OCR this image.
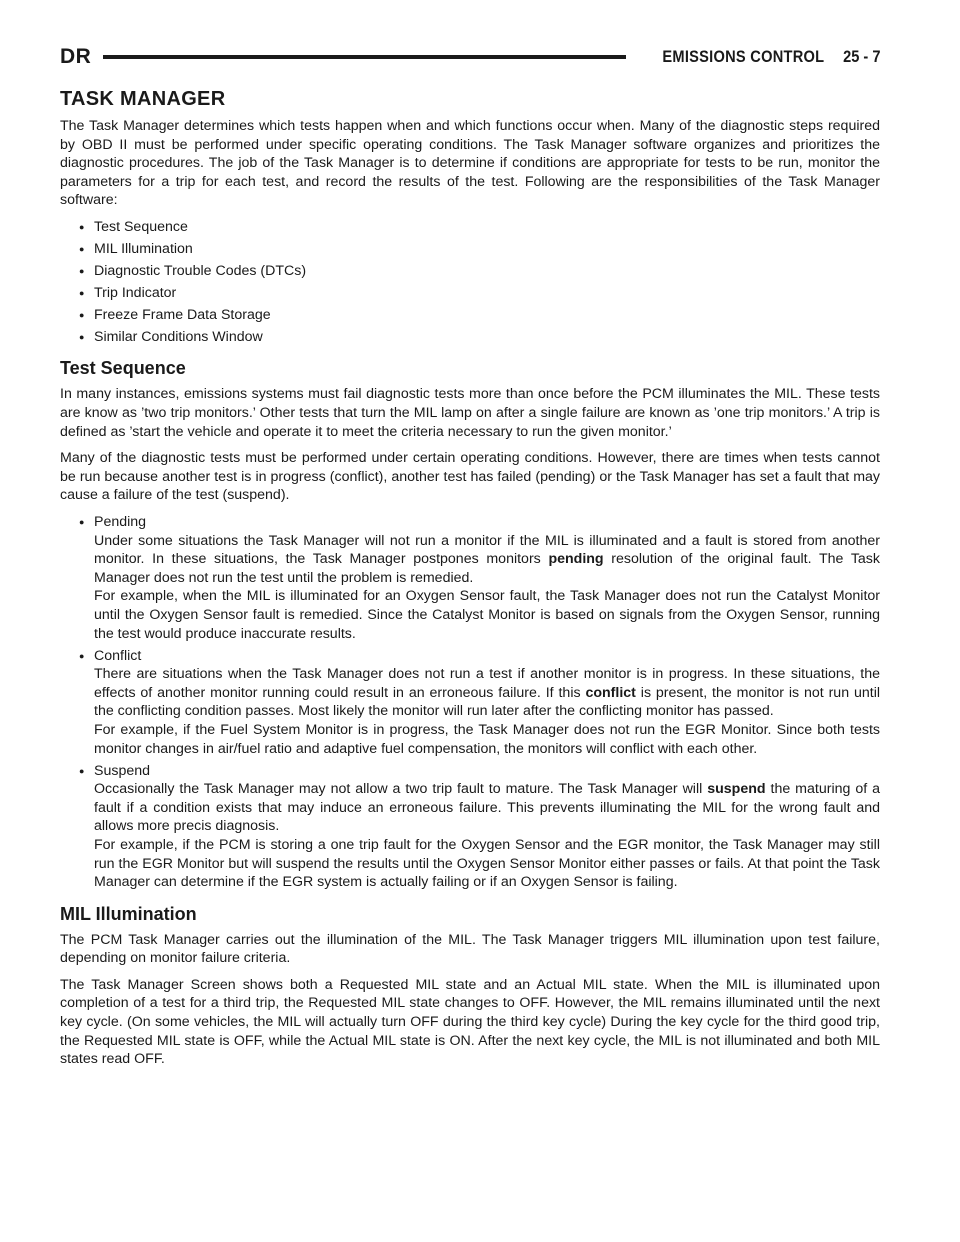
DR	EMISSIONS CONTROL 25 - 7
TASK MANAGER

The Task Manager determines which tests happen when and which functions occur when. Many of the diagnostic steps required by OBD II must be performed under specific operating conditions. The Task Manager software organizes and prioritizes the diagnostic procedures. The job of the Task Manager is to determine if conditions are appropriate for tests to be run, monitor the parameters for a trip for each test, and record the results of the test. Following are the responsibilities of the Task Manager software:

● Test Sequence
● MIL Illumination
● Diagnostic Trouble Codes (DTCs)
● Trip Indicator
● Freeze Frame Data Storage
● Similar Conditions Window
Test Sequence

In many instances, emissions systems must fail diagnostic tests more than once before the PCM illuminates the MIL. These tests are know as ’two trip monitors.’ Other tests that turn the MIL lamp on after a single failure are known as ’one trip monitors.’ A trip is defined as ’start the vehicle and operate it to meet the criteria necessary to run the given monitor.’

Many of the diagnostic tests must be performed under certain operating conditions. However, there are times when tests cannot be run because another test is in progress (conflict), another test has failed (pending) or the Task Manager has set a fault that may cause a failure of the test (suspend).

● Pending
Under some situations the Task Manager will not run a monitor if the MIL is illuminated and a fault is stored from another monitor. In these situations, the Task Manager postpones monitors pending resolution of the original fault. The Task Manager does not run the test until the problem is remedied.
For example, when the MIL is illuminated for an Oxygen Sensor fault, the Task Manager does not run the Catalyst Monitor until the Oxygen Sensor fault is remedied. Since the Catalyst Monitor is based on signals from the Oxygen Sensor, running the test would produce inaccurate results.
● Conflict
There are situations when the Task Manager does not run a test if another monitor is in progress. In these situations, the effects of another monitor running could result in an erroneous failure. If this conflict is present, the monitor is not run until the conflicting condition passes. Most likely the monitor will run later after the conflicting monitor has passed.
For example, if the Fuel System Monitor is in progress, the Task Manager does not run the EGR Monitor. Since both tests monitor changes in air/fuel ratio and adaptive fuel compensation, the monitors will conflict with each other.
● Suspend
Occasionally the Task Manager may not allow a two trip fault to mature. The Task Manager will suspend the maturing of a fault if a condition exists that may induce an erroneous failure. This prevents illuminating the MIL for the wrong fault and allows more precis diagnosis.
For example, if the PCM is storing a one trip fault for the Oxygen Sensor and the EGR monitor, the Task Manager may still run the EGR Monitor but will suspend the results until the Oxygen Sensor Monitor either passes or fails. At that point the Task Manager can determine if the EGR system is actually failing or if an Oxygen Sensor is failing.
MIL Illumination

The PCM Task Manager carries out the illumination of the MIL. The Task Manager triggers MIL illumination upon test failure, depending on monitor failure criteria.

The Task Manager Screen shows both a Requested MIL state and an Actual MIL state. When the MIL is illuminated upon completion of a test for a third trip, the Requested MIL state changes to OFF. However, the MIL remains illuminated until the next key cycle. (On some vehicles, the MIL will actually turn OFF during the third key cycle) During the key cycle for the third good trip, the Requested MIL state is OFF, while the Actual MIL state is ON. After the next key cycle, the MIL is not illuminated and both MIL states read OFF.
